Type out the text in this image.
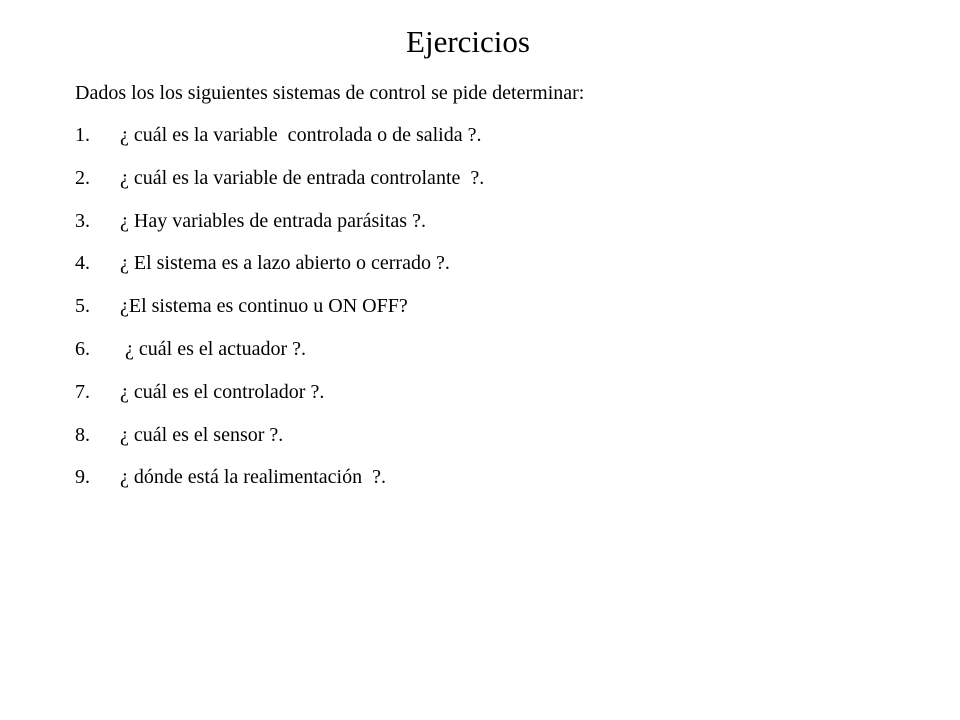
Ejercicios
Dados los los siguientes sistemas de control se pide determinar:
1. ¿ cuál es la variable  controlada o de salida ?.
2. ¿ cuál es la variable de entrada controlante  ?.
3. ¿ Hay variables de entrada parásitas ?.
4. ¿ El sistema es a lazo abierto o cerrado ?.
5. ¿El sistema es continuo u ON OFF?
6. ¿ cuál es el actuador ?.
7. ¿ cuál es el controlador ?.
8. ¿ cuál es el sensor ?.
9. ¿ dónde está la realimentación  ?.
